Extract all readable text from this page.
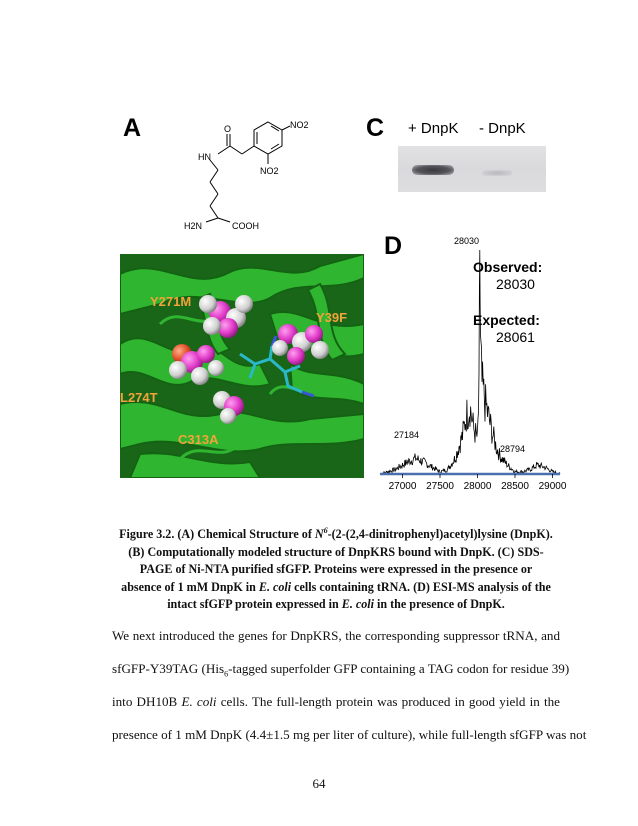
A	C
D
O
HN
NO2
NO2
H2N	COOH
+ DnpK - DnpK
Y271M
Y39F
L274T
C313A
27000 27500 28000 28500 29000
28030
27184
28794
Observed:
28030
Expected:
28061
Figure 3.2. (A) Chemical Structure of $N^6-(2-(2,4-dinitrophenyl)acetyl)lysine$ (DnpK).
(B) Computationally modeled structure of DnpKRS bound with DnpK. (C) SDS-
PAGE of Ni-NTA purified sfGFP. Proteins were expressed in the presence or
absence of 1 mM DnpK in E. coli cells containing tRNA. (D) ESI-MS analysis of the
intact sfGFP protein expressed in E. coli in the presence of DnpK.
We next introduced the genes for DnpKRS, the corresponding suppressor tRNA, and
sfGFP-Y39TAG (His$_6$-tagged superfolder GFP containing a TAG codon for residue 39)
into DH10B E. coli cells. The full-length protein was produced in good yield in the
presence of 1 mM DnpK (4.4±1.5 mg per liter of culture), while full-length sfGFP was not
64
